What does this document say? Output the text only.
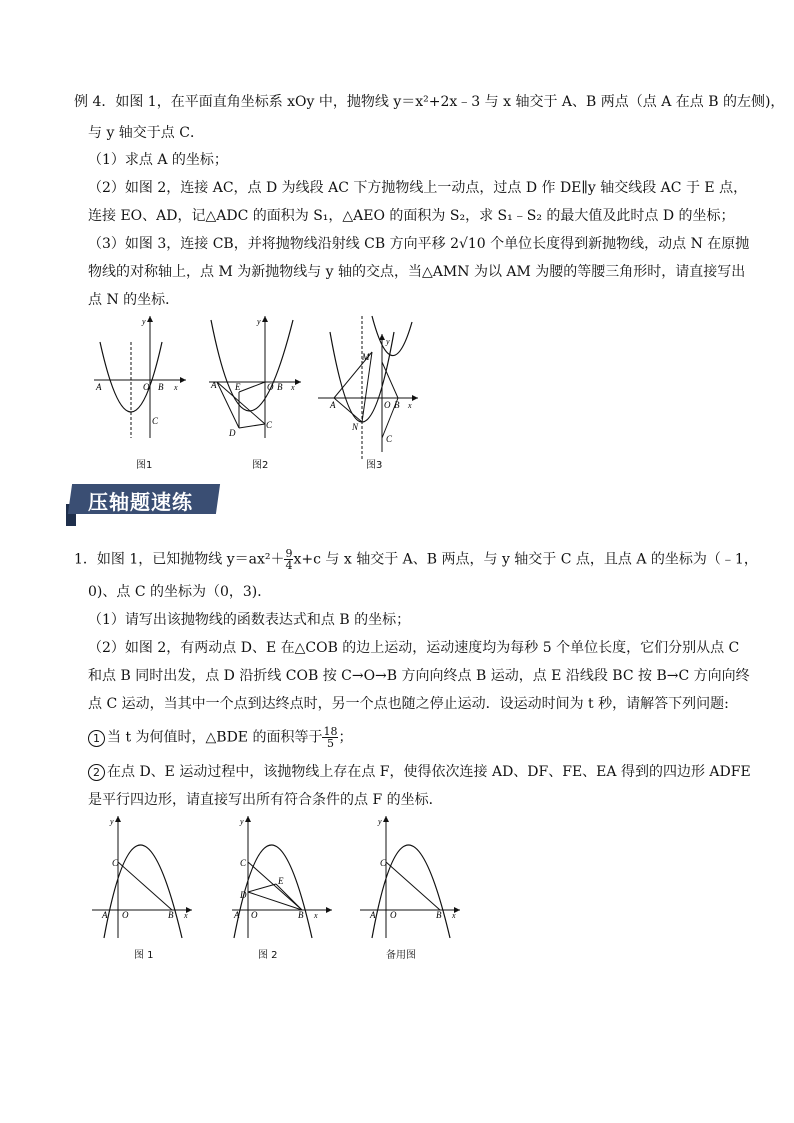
例 4．如图 1，在平面直角坐标系 xOy 中，抛物线 y＝x²+2x﹣3 与 x 轴交于 A、B 两点（点 A 在点 B 的左侧)，
与 y 轴交于点 C．
（1）求点 A 的坐标；
（2）如图 2，连接 AC，点 D 为线段 AC 下方抛物线上一动点，过点 D 作 DE∥y 轴交线段 AC 于 E 点，
连接 EO、AD，记△ADC 的面积为 S₁，△AEO 的面积为 S₂，求 S₁﹣S₂ 的最大值及此时点 D 的坐标；
（3）如图 3，连接 CB，并将抛物线沿射线 CB 方向平移 2√10 个单位长度得到新抛物线，动点 N 在原抛
物线的对称轴上，点 M 为新抛物线与 y 轴的交点，当△AMN 为以 AM 为腰的等腰三角形时，请直接写出
点 N 的坐标．
A	O B x
y
C
图1
A E	O B x
y
D
C
图2
M
y
A	O B x
N
C
图3
压轴题速练
1．如图 1，已知抛物线 $y=ax^2+ \frac{9}{4} x+c$ 与 x 轴交于 A、B 两点，与 y 轴交于 C 点，且点 A 的坐标为（﹣1，
0)、点 C 的坐标为（0，3)．
（1）请写出该抛物线的函数表达式和点 B 的坐标；
（2）如图 2，有两动点 D、E 在△COB 的边上运动，运动速度均为每秒 5 个单位长度，它们分别从点 C
和点 B 同时出发，点 D 沿折线 COB 按 C→O→B 方向向终点 B 运动，点 E 沿线段 BC 按 B→C 方向向终
点 C 运动，当其中一个点到达终点时，另一个点也随之停止运动．设运动时间为 t 秒，请解答下列问题:
1 当 t 为何值时，△BDE 的面积等于 $\frac{18}{5}$ ；
2 在点 D、E 运动过程中，该抛物线上存在点 F，使得依次连接 AD、DF、FE、EA 得到的四边形 ADFE
是平行四边形，请直接写出所有符合条件的点 F 的坐标．
A O	B x
C
y
图 1
A O	B x
C
D
E
y
图 2
A O	B x
C
y
备用图
